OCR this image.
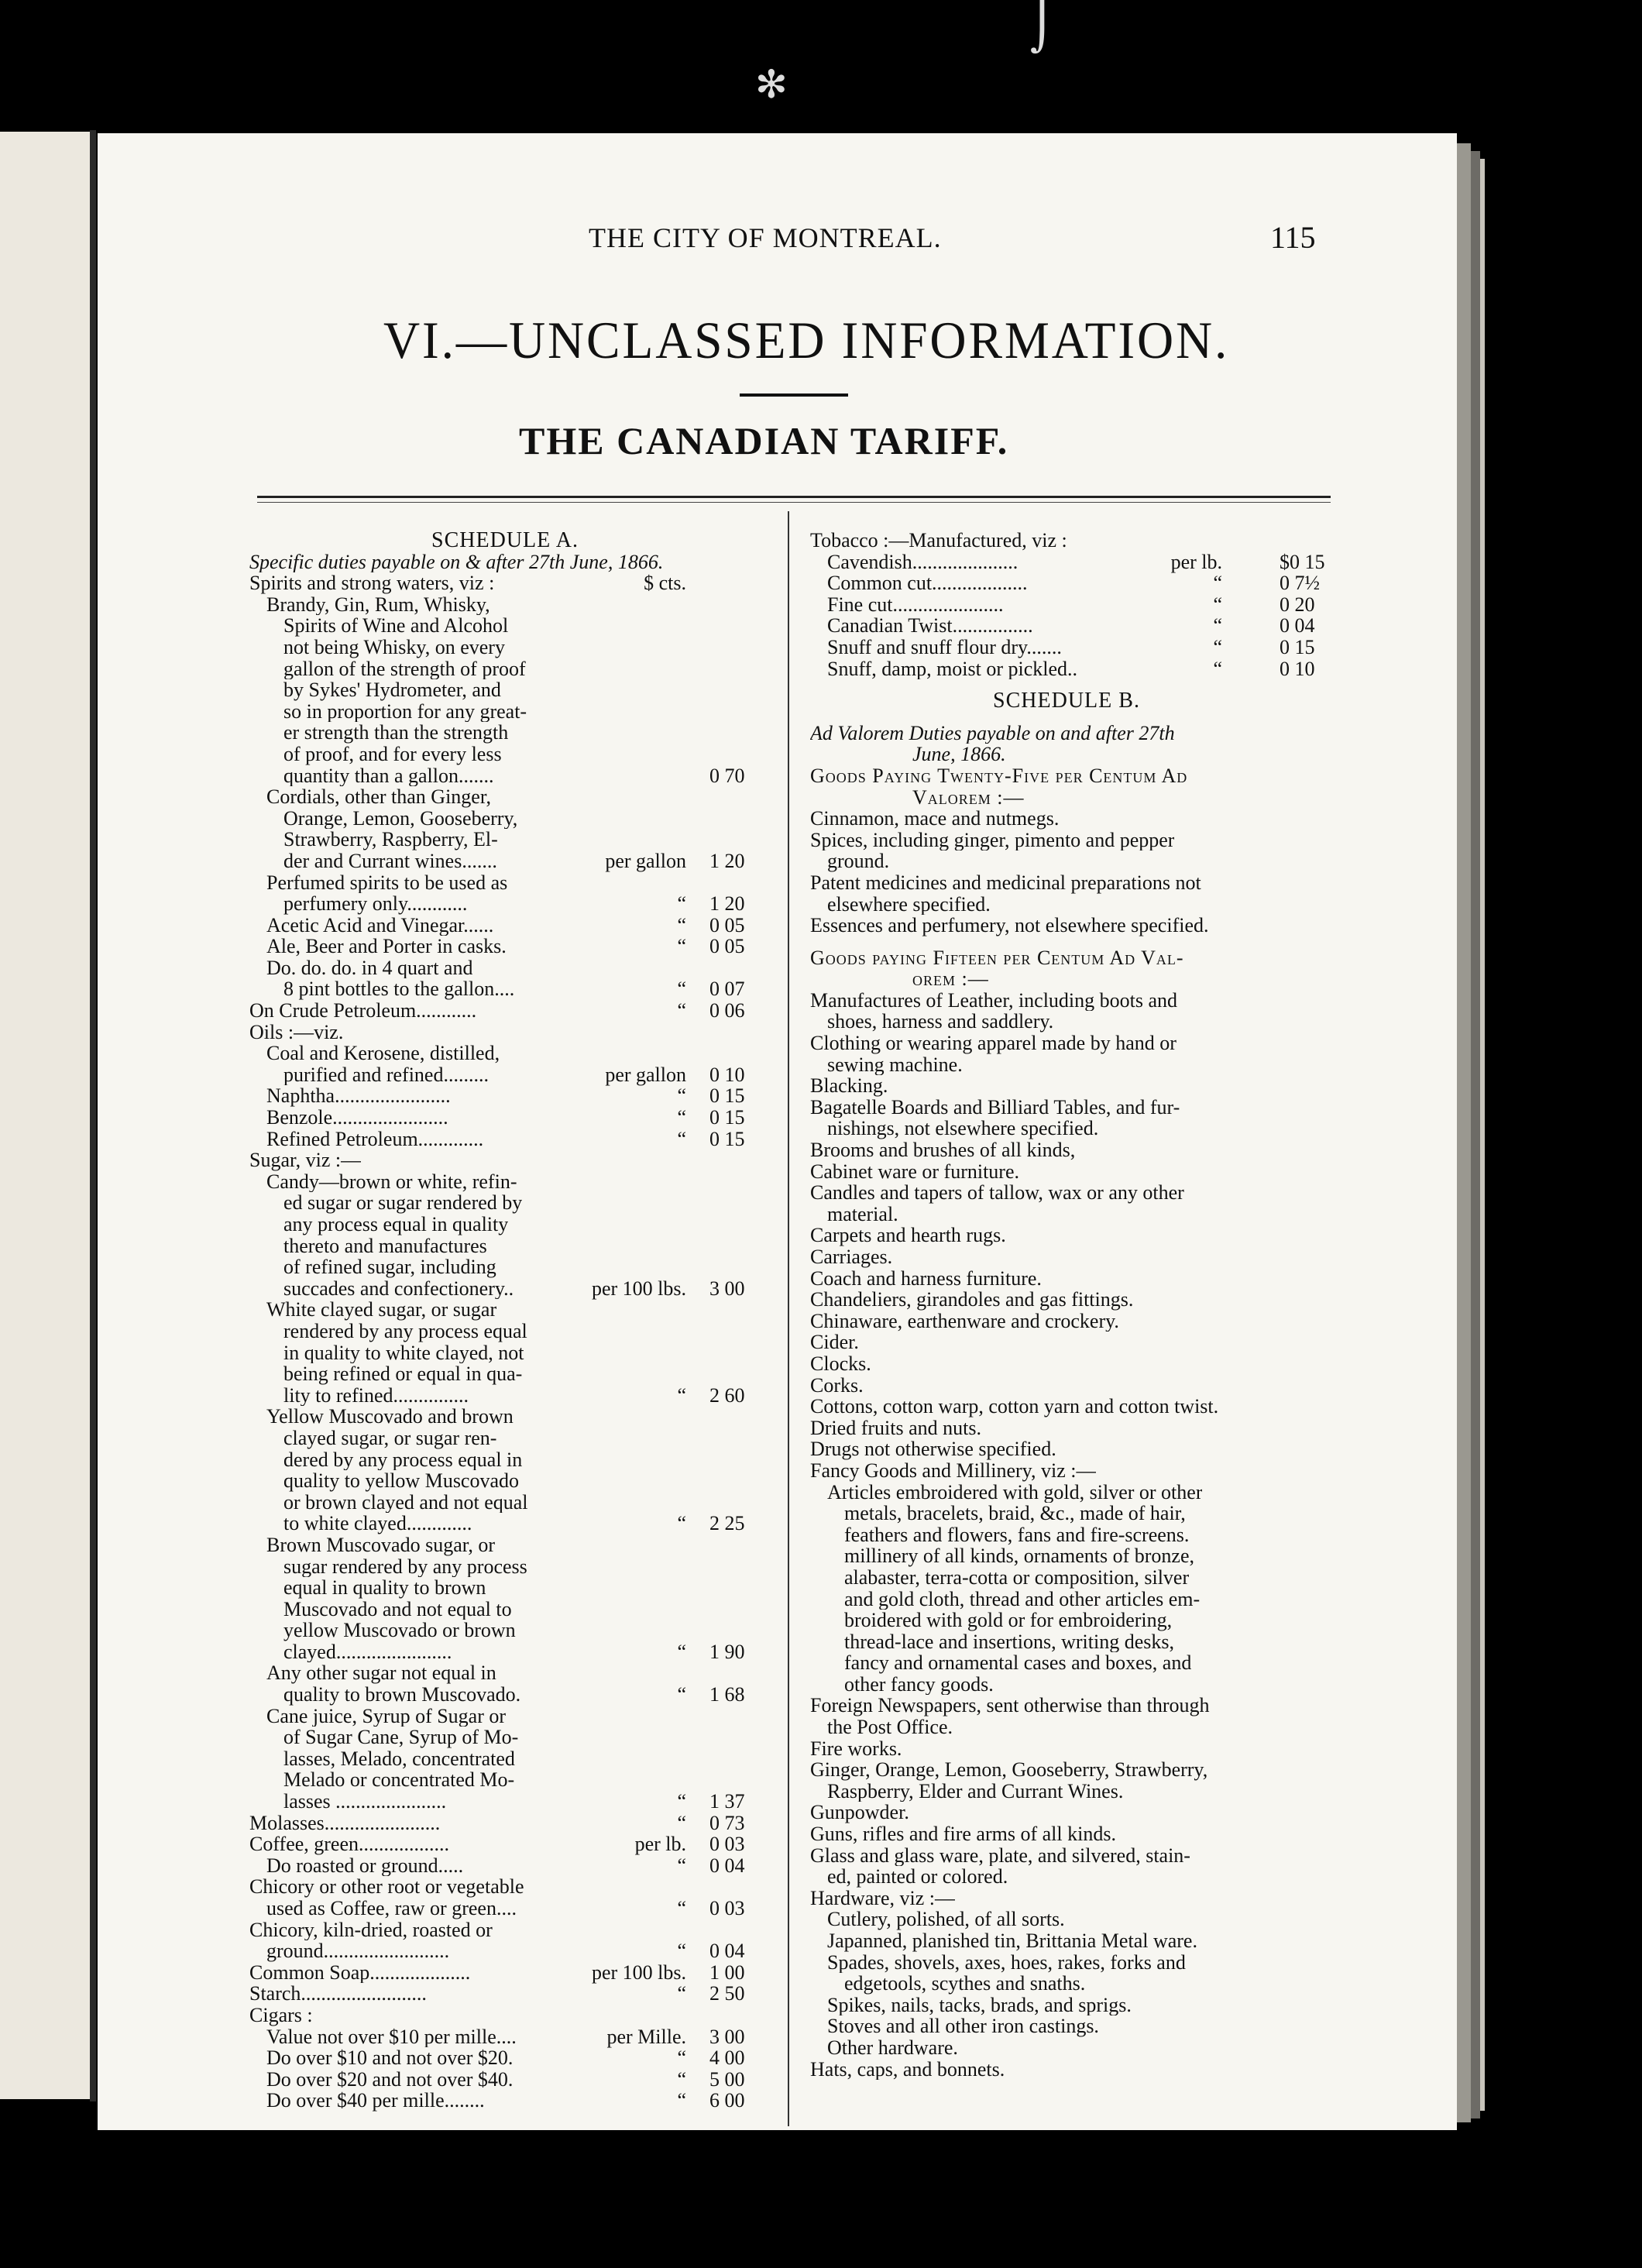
⌡
✻
THE CITY OF MONTREAL.	115
VI.—UNCLASSED INFORMATION.
THE CANADIAN TARIFF.
SCHEDULE A.
Specific duties payable on & after 27th June, 1866.
Spirits and strong waters, viz :	$ cts.
Brandy, Gin, Rum, Whisky,
Spirits of Wine and Alcohol
not being Whisky, on every
gallon of the strength of proof
by Sykes' Hydrometer, and
so in proportion for any great-
er strength than the strength
of proof, and for every less
quantity than a gallon.......	0 70
Cordials, other than Ginger,
Orange, Lemon, Gooseberry,
Strawberry, Raspberry, El-
der and Currant wines.......	per gallon 1 20
Perfumed spirits to be used as
perfumery only............	“ 1 20
Acetic Acid and Vinegar......	“ 0 05
Ale, Beer and Porter in casks.	“ 0 05
Do. do. do. in 4 quart and
8 pint bottles to the gallon....	“ 0 07
On Crude Petroleum............	“ 0 06
Oils :—viz.
Coal and Kerosene, distilled,
purified and refined.........	per gallon 0 10
Naphtha.......................	“ 0 15
Benzole.......................	“ 0 15
Refined Petroleum.............	“ 0 15
Sugar, viz :—
Candy—brown or white, refin-
ed sugar or sugar rendered by
any process equal in quality
thereto and manufactures
of refined sugar, including
succades and confectionery..	per 100 lbs. 3 00
White clayed sugar, or sugar
rendered by any process equal
in quality to white clayed, not
being refined or equal in qua-
lity to refined...............	“ 2 60
Yellow Muscovado and brown
clayed sugar, or sugar ren-
dered by any process equal in
quality to yellow Muscovado
or brown clayed and not equal
to white clayed.............	“ 2 25
Brown Muscovado sugar, or
sugar rendered by any process
equal in quality to brown
Muscovado and not equal to
yellow Muscovado or brown
clayed.......................	“ 1 90
Any other sugar not equal in
quality to brown Muscovado.	“ 1 68
Cane juice, Syrup of Sugar or
of Sugar Cane, Syrup of Mo-
lasses, Melado, concentrated
Melado or concentrated Mo-
lasses ......................	“ 1 37
Molasses.......................	“ 0 73
Coffee, green..................	per lb. 0 03
Do roasted or ground.....	“ 0 04
Chicory or other root or vegetable
used as Coffee, raw or green....	“ 0 03
Chicory, kiln-dried, roasted or
ground.........................	“ 0 04
Common Soap....................	per 100 lbs. 1 00
Starch.........................	“ 2 50
Cigars :
Value not over $10 per mille....	per Mille. 3 00
Do over $10 and not over $20.	“ 4 00
Do over $20 and not over $40.	“ 5 00
Do over $40 per mille........	“ 6 00
Tobacco :—Manufactured, viz :
Cavendish.....................	per lb.	$0 15
Common cut...................	“	0 7½
Fine cut......................	“	0 20
Canadian Twist................	“	0 04
Snuff and snuff flour dry.......	“	0 15
Snuff, damp, moist or pickled..	“	0 10
SCHEDULE B.
Ad Valorem Duties payable on and after 27th
June, 1866.
Goods Paying Twenty-Five per Centum Ad
Valorem :—
Cinnamon, mace and nutmegs.
Spices, including ginger, pimento and pepper
ground.
Patent medicines and medicinal preparations not
elsewhere specified.
Essences and perfumery, not elsewhere specified.
Goods paying Fifteen per Centum Ad Val-
orem :—
Manufactures of Leather, including boots and
shoes, harness and saddlery.
Clothing or wearing apparel made by hand or
sewing machine.
Blacking.
Bagatelle Boards and Billiard Tables, and fur-
nishings, not elsewhere specified.
Brooms and brushes of all kinds,
Cabinet ware or furniture.
Candles and tapers of tallow, wax or any other
material.
Carpets and hearth rugs.
Carriages.
Coach and harness furniture.
Chandeliers, girandoles and gas fittings.
Chinaware, earthenware and crockery.
Cider.
Clocks.
Corks.
Cottons, cotton warp, cotton yarn and cotton twist.
Dried fruits and nuts.
Drugs not otherwise specified.
Fancy Goods and Millinery, viz :—
Articles embroidered with gold, silver or other
metals, bracelets, braid, &c., made of hair,
feathers and flowers, fans and fire-screens.
millinery of all kinds, ornaments of bronze,
alabaster, terra-cotta or composition, silver
and gold cloth, thread and other articles em-
broidered with gold or for embroidering,
thread-lace and insertions, writing desks,
fancy and ornamental cases and boxes, and
other fancy goods.
Foreign Newspapers, sent otherwise than through
the Post Office.
Fire works.
Ginger, Orange, Lemon, Gooseberry, Strawberry,
Raspberry, Elder and Currant Wines.
Gunpowder.
Guns, rifles and fire arms of all kinds.
Glass and glass ware, plate, and silvered, stain-
ed, painted or colored.
Hardware, viz :—
Cutlery, polished, of all sorts.
Japanned, planished tin, Brittania Metal ware.
Spades, shovels, axes, hoes, rakes, forks and
edgetools, scythes and snaths.
Spikes, nails, tacks, brads, and sprigs.
Stoves and all other iron castings.
Other hardware.
Hats, caps, and bonnets.
